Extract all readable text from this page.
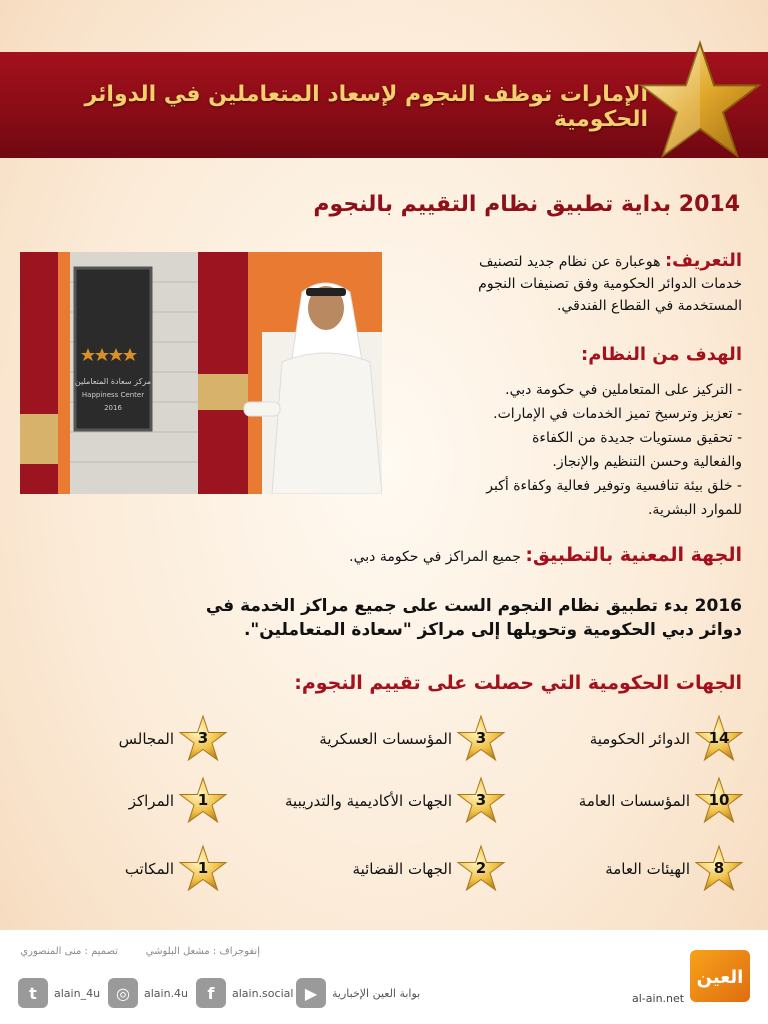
الإمارات توظف النجوم لإسعاد المتعاملين في الدوائر الحكومية
2014 بداية تطبيق نظام التقييم بالنجوم
مركز سعادة المتعاملين
Happiness Center
2016
التعريف: هوعبارة عن نظام جديد لتصنيف
خدمات الدوائر الحكومية وفق تصنيفات النجوم
المستخدمة في القطاع الفندقي.
الهدف من النظام:
- التركيز على المتعاملين في حكومة دبي.
- تعزيز وترسيخ تميز الخدمات في الإمارات.
- تحقيق مستويات جديدة من الكفاءة
والفعالية وحسن التنظيم والإنجاز.
- خلق بيئة تنافسية وتوفير فعالية وكفاءة أكبر
للموارد البشرية.
الجهة المعنية بالتطبيق: جميع المراكز في حكومة دبي.
2016 بدء تطبيق نظام النجوم الست على جميع مراكز الخدمة في
دوائر دبي الحكومية وتحويلها إلى مراكز "سعادة المتعاملين".
الجهات الحكومية التي حصلت على تقييم النجوم:
14
الدوائر الحكومية
3
المؤسسات العسكرية
3
المجالس
10
المؤسسات العامة
3
الجهات الأكاديمية والتدريبية
1
المراكز
8
الهيئات العامة
2
الجهات القضائية
1
المكاتب
إنفوجراف : مشعل البلوشي
تصميم : منى المنصوري
t	alain_4u ◎	alain.4u	f	alain.social ▶	بوابة العين الإخبارية	al-ain.net
العين
